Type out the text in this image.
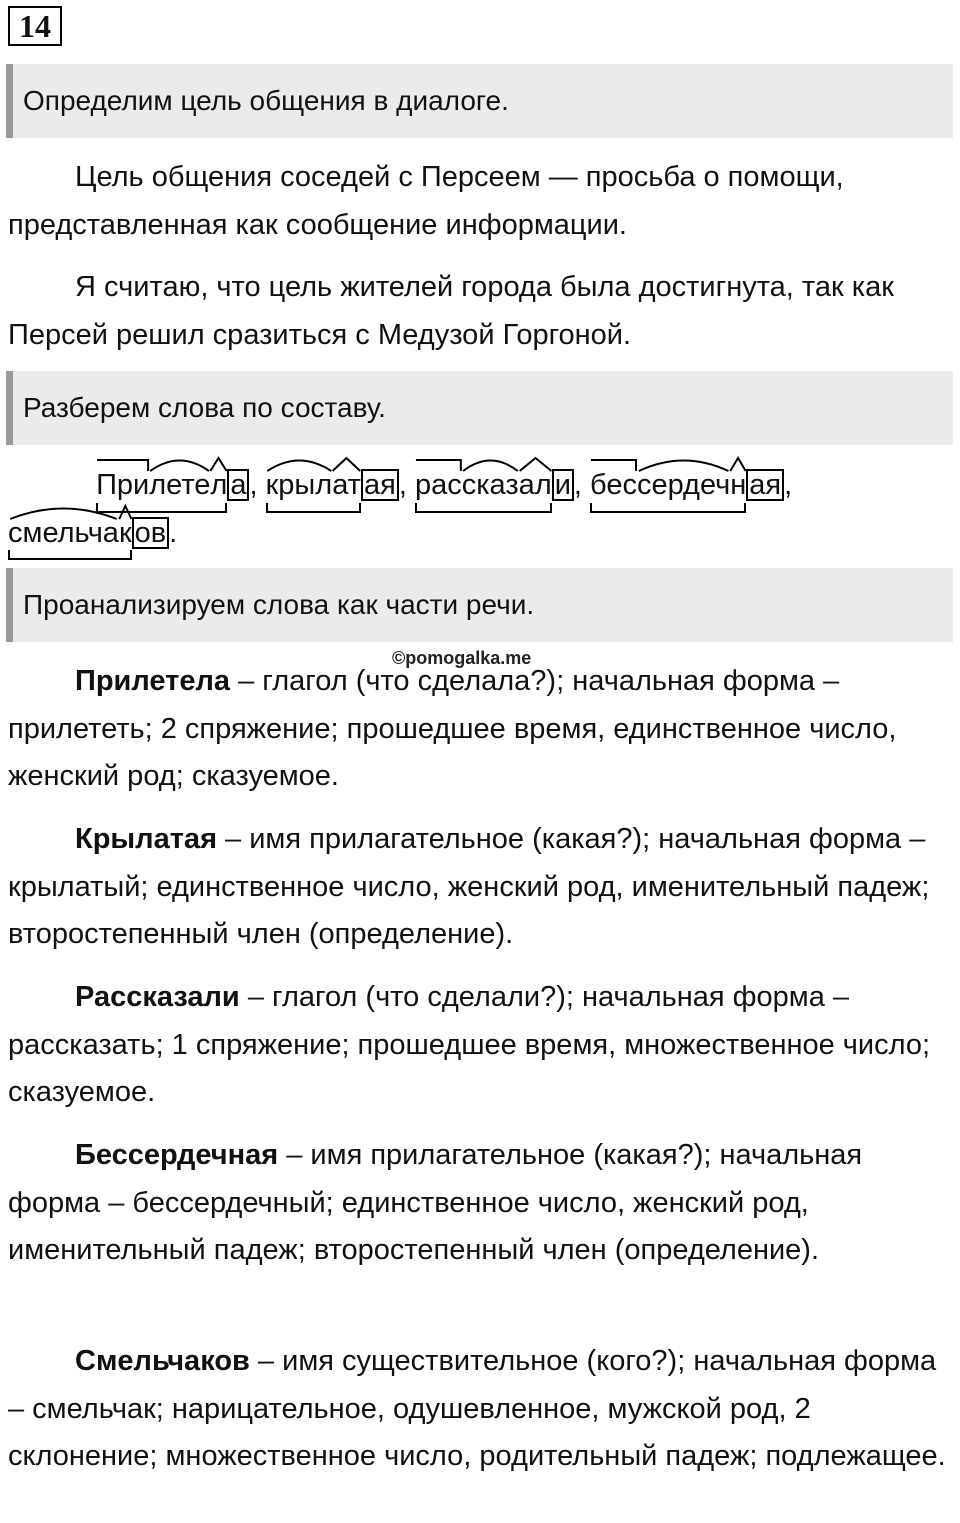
14
Определим цель общения в диалоге.

Цель общения соседей с Персеем — просьба о помощи, представленная как сообщение информации.

Я считаю, что цель жителей города была достигнута, так как Персей решил сразиться с Медузой Горгоной.

Разберем слова по составу.

При
лете
л а , крыл
ат ая , рас
сказ
ал и , бес
сердеч
н ая ,
смельча
к ов .
Проанализируем слова как части речи.
©pomogalka.me

Прилетела – глагол (что сделала?); начальная форма – прилететь; 2 спряжение; прошедшее время, единственное число, женский род; сказуемое.

Крылатая – имя прилагательное (какая?); начальная форма – крылатый; единственное число, женский род, именительный падеж; второстепенный член (определение).

Рассказали – глагол (что сделали?); начальная форма – рассказать; 1 спряжение; прошедшее время, множественное число; сказуемое.

Бессердечная – имя прилагательное (какая?); начальная форма – бессердечный; единственное число, женский род, именительный падеж; второстепенный член (определение).

Смельчаков – имя существительное (кого?); начальная форма – смельчак; нарицательное, одушевленное, мужской род, 2 склонение; множественное число, родительный падеж; подлежащее.
